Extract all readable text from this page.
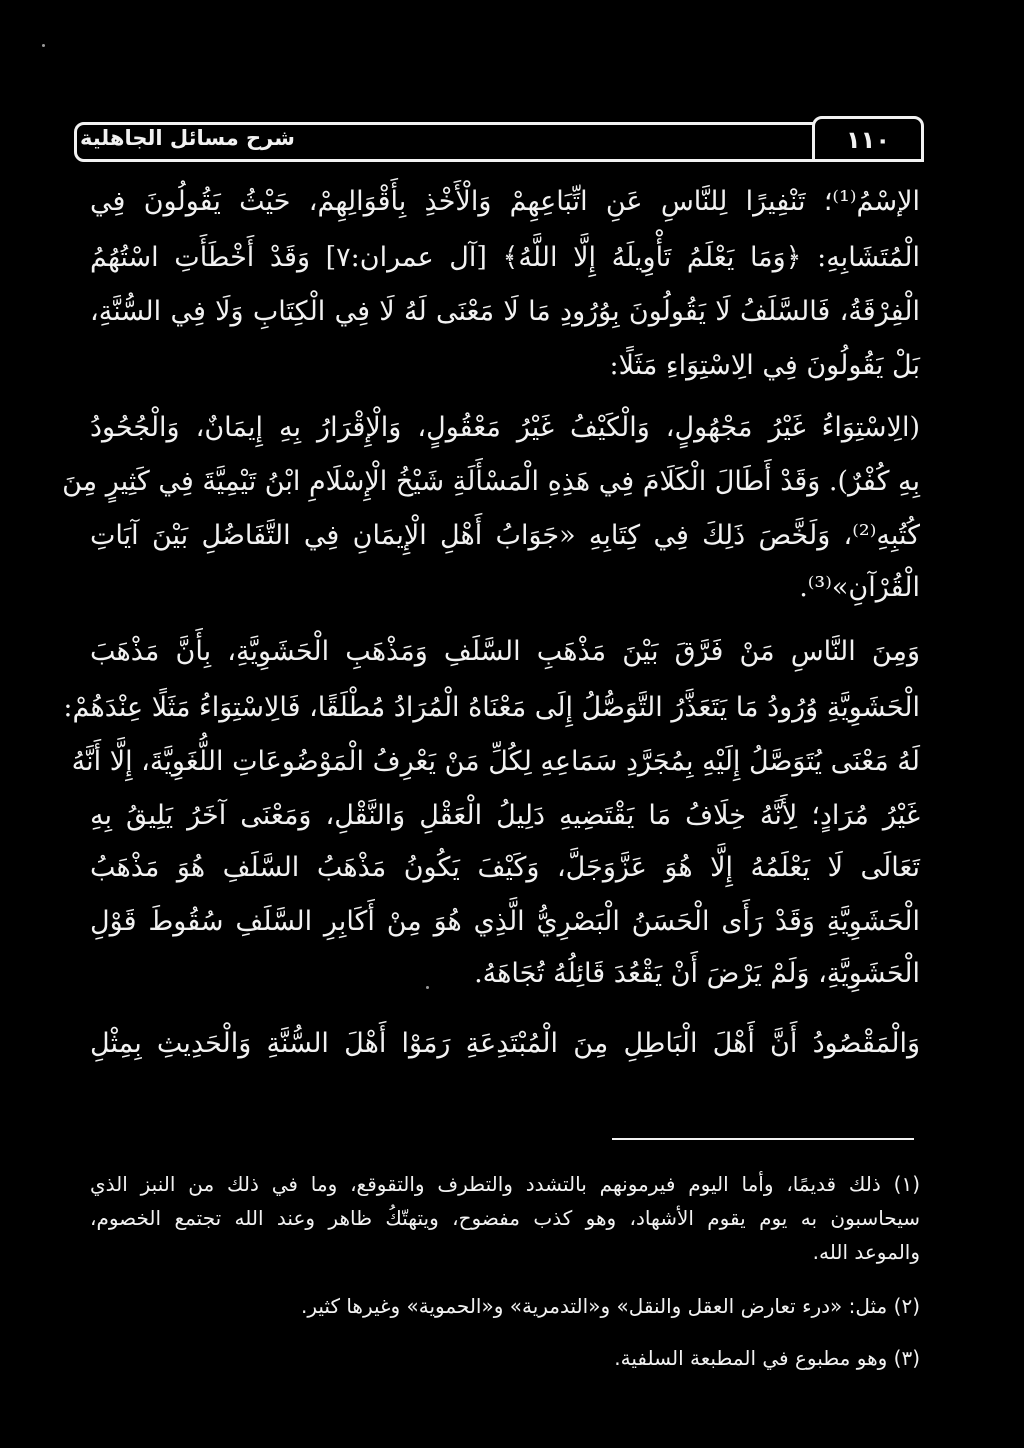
شرح مسائل الجاهلية	١١٠
الإسْمُ⁽¹⁾؛ تَنْفِيرًا لِلنَّاسِ عَنِ اتِّبَاعِهِمْ وَالْأَخْذِ بِأَقْوَالِهِمْ، حَيْثُ يَقُولُونَ فِي
الْمُتَشَابِهِ: ﴿وَمَا يَعْلَمُ تَأْوِيلَهُ إِلَّا اللَّهُ﴾ [آل عمران:٧] وَقَدْ أَخْطَأَتِ اسْتُهُمُ
الْفِرْقَةُ، فَالسَّلَفُ لَا يَقُولُونَ بِوُرُودِ مَا لَا مَعْنَى لَهُ لَا فِي الْكِتَابِ وَلَا فِي السُّنَّةِ،
بَلْ يَقُولُونَ فِي الِاسْتِوَاءِ مَثَلًا:
(الِاسْتِوَاءُ غَيْرُ مَجْهُولٍ، وَالْكَيْفُ غَيْرُ مَعْقُولٍ، وَالْإِقْرَارُ بِهِ إِيمَانٌ، وَالْجُحُودُ
بِهِ كُفْرٌ). وَقَدْ أَطَالَ الْكَلَامَ فِي هَذِهِ الْمَسْأَلَةِ شَيْخُ الْإِسْلَامِ ابْنُ تَيْمِيَّةَ فِي كَثِيرٍ مِنَ
كُتُبِهِ⁽²⁾، وَلَخَّصَ ذَلِكَ فِي كِتَابِهِ «جَوَابُ أَهْلِ الْإِيمَانِ فِي التَّفَاضُلِ بَيْنَ آيَاتِ
الْقُرْآنِ»⁽³⁾.
وَمِنَ النَّاسِ مَنْ فَرَّقَ بَيْنَ مَذْهَبِ السَّلَفِ وَمَذْهَبِ الْحَشَوِيَّةِ، بِأَنَّ مَذْهَبَ
الْحَشَوِيَّةِ وُرُودُ مَا يَتَعَذَّرُ التَّوَصُّلُ إِلَى مَعْنَاهُ الْمُرَادُ مُطْلَقًا، فَالِاسْتِوَاءُ مَثَلًا عِنْدَهُمْ:
لَهُ مَعْنَى يُتَوَصَّلُ إِلَيْهِ بِمُجَرَّدِ سَمَاعِهِ لِكُلِّ مَنْ يَعْرِفُ الْمَوْضُوعَاتِ اللُّغَوِيَّةَ، إِلَّا أَنَّهُ
غَيْرُ مُرَادٍ؛ لِأَنَّهُ خِلَافُ مَا يَقْتَضِيهِ دَلِيلُ الْعَقْلِ وَالنَّقْلِ، وَمَعْنَى آخَرُ يَلِيقُ بِهِ
تَعَالَى لَا يَعْلَمُهُ إِلَّا هُوَ عَزَّوَجَلَّ، وَكَيْفَ يَكُونُ مَذْهَبُ السَّلَفِ هُوَ مَذْهَبُ
الْحَشَوِيَّةِ وَقَدْ رَأَى الْحَسَنُ الْبَصْرِيُّ الَّذِي هُوَ مِنْ أَكَابِرِ السَّلَفِ سُقُوطَ قَوْلِ
الْحَشَوِيَّةِ، وَلَمْ يَرْضَ أَنْ يَقْعُدَ قَائِلُهُ تُجَاهَهُ.
وَالْمَقْصُودُ أَنَّ أَهْلَ الْبَاطِلِ مِنَ الْمُبْتَدِعَةِ رَمَوْا أَهْلَ السُّنَّةِ وَالْحَدِيثِ بِمِثْلِ
(١) ذلك قديمًا، وأما اليوم فيرمونهم بالتشدد والتطرف والتقوقع، وما في ذلك من النبز الذي
سيحاسبون به يوم يقوم الأشهاد، وهو كذب مفضوح، ويتهتّكُ ظاهر وعند الله تجتمع الخصوم،
والموعد الله.
(٢) مثل: «درء تعارض العقل والنقل» و«التدمرية» و«الحموية» وغيرها كثير.
(٣) وهو مطبوع في المطبعة السلفية.
